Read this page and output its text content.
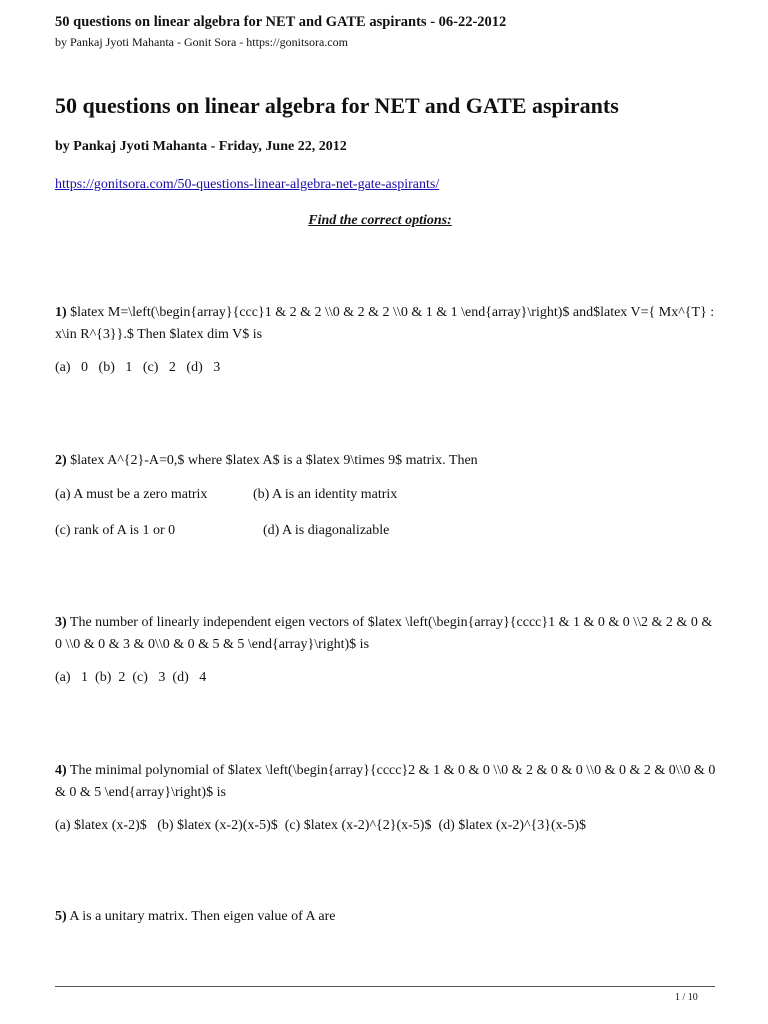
50 questions on linear algebra for NET and GATE aspirants - 06-22-2012
by Pankaj Jyoti Mahanta - Gonit Sora - https://gonitsora.com
50 questions on linear algebra for NET and GATE aspirants
by Pankaj Jyoti Mahanta - Friday, June 22, 2012
https://gonitsora.com/50-questions-linear-algebra-net-gate-aspirants/
Find the correct options:
1) $latex M=\left(\begin{array}{ccc}1 & 2 & 2 \\0 & 2 & 2 \\0 & 1 & 1 \end{array}\right)$ and$latex V={ Mx^{T} : x\in R^{3}}.$ Then $latex dim V$ is
(a)   0   (b)   1   (c)   2   (d)   3
2) $latex A^{2}-A=0,$ where $latex A$ is a $latex 9\times 9$ matrix. Then
(a) A must be a zero matrix	(b) A is an identity matrix
(c) rank of A is 1 or 0	(d) A is diagonalizable
3) The number of linearly independent eigen vectors of $latex \left(\begin{array}{cccc}1 & 1 & 0 & 0 \\2 & 2 & 0 & 0 \\0 & 0 & 3 & 0\\0 & 0 & 5 & 5 \end{array}\right)$ is
(a)   1  (b)  2  (c)   3  (d)   4
4) The minimal polynomial of $latex \left(\begin{array}{cccc}2 & 1 & 0 & 0 \\0 & 2 & 0 & 0 \\0 & 0 & 2 & 0\\0 & 0 & 0 & 5 \end{array}\right)$ is
(a) $latex (x-2)$   (b) $latex (x-2)(x-5)$  (c) $latex (x-2)^{2}(x-5)$  (d) $latex (x-2)^{3}(x-5)$
5) A is a unitary matrix. Then eigen value of A are
1 / 10
